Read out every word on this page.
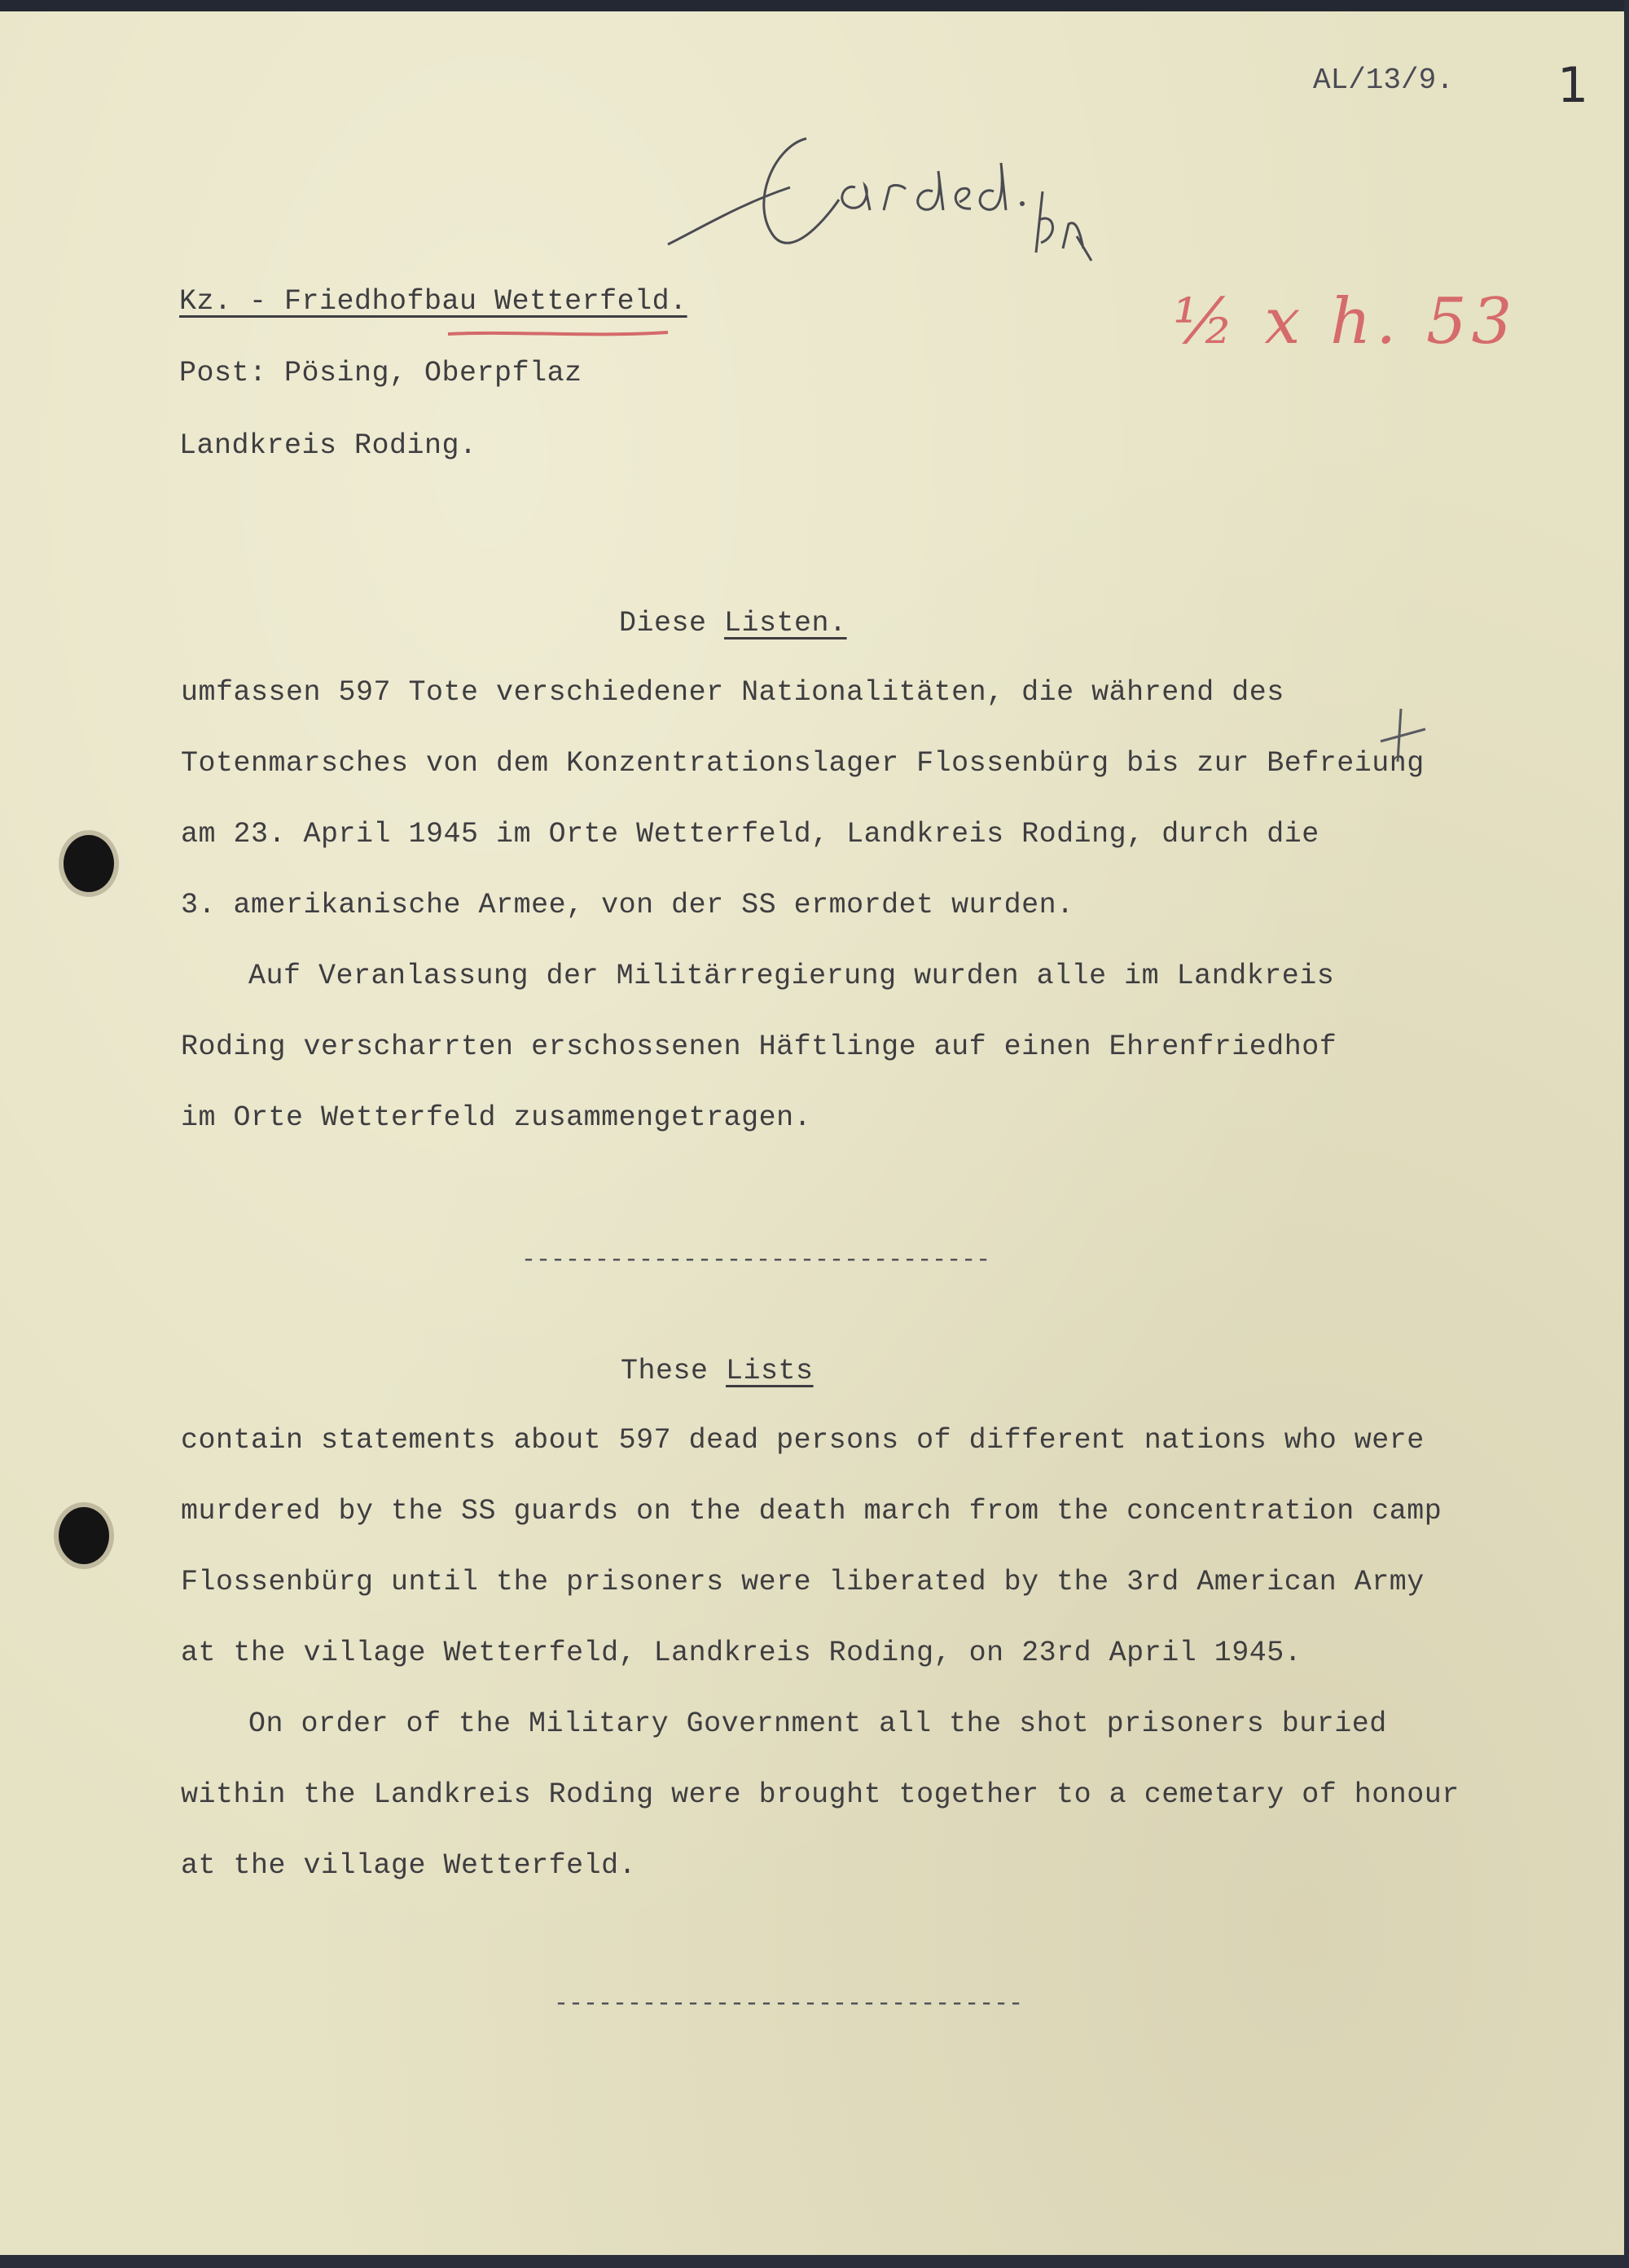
AL/13/9. 1
½ x h. 53
Kz. - Friedhofbau Wetterfeld.
Post: Pösing, Oberpflaz
Landkreis Roding.
Diese Listen.
umfassen 597 Tote verschiedener Nationalitäten, die während des
Totenmarsches von dem Konzentrationslager Flossenbürg bis zur Befreiung
am 23. April 1945 im Orte Wetterfeld, Landkreis Roding, durch die
3. amerikanische Armee, von der SS ermordet wurden.
Auf Veranlassung der Militärregierung wurden alle im Landkreis
Roding verscharrten erschossenen Häftlinge auf einen Ehrenfriedhof
im Orte Wetterfeld zusammengetragen.
--------------------------------
These Lists
contain statements about 597 dead persons of different nations who were
murdered by the SS guards on the death march from the concentration camp
Flossenbürg until the prisoners were liberated by the 3rd American Army
at the village Wetterfeld, Landkreis Roding, on 23rd April 1945.
On order of the Military Government all the shot prisoners buried
within the Landkreis Roding were brought together to a cemetary of honour
at the village Wetterfeld.
--------------------------------
